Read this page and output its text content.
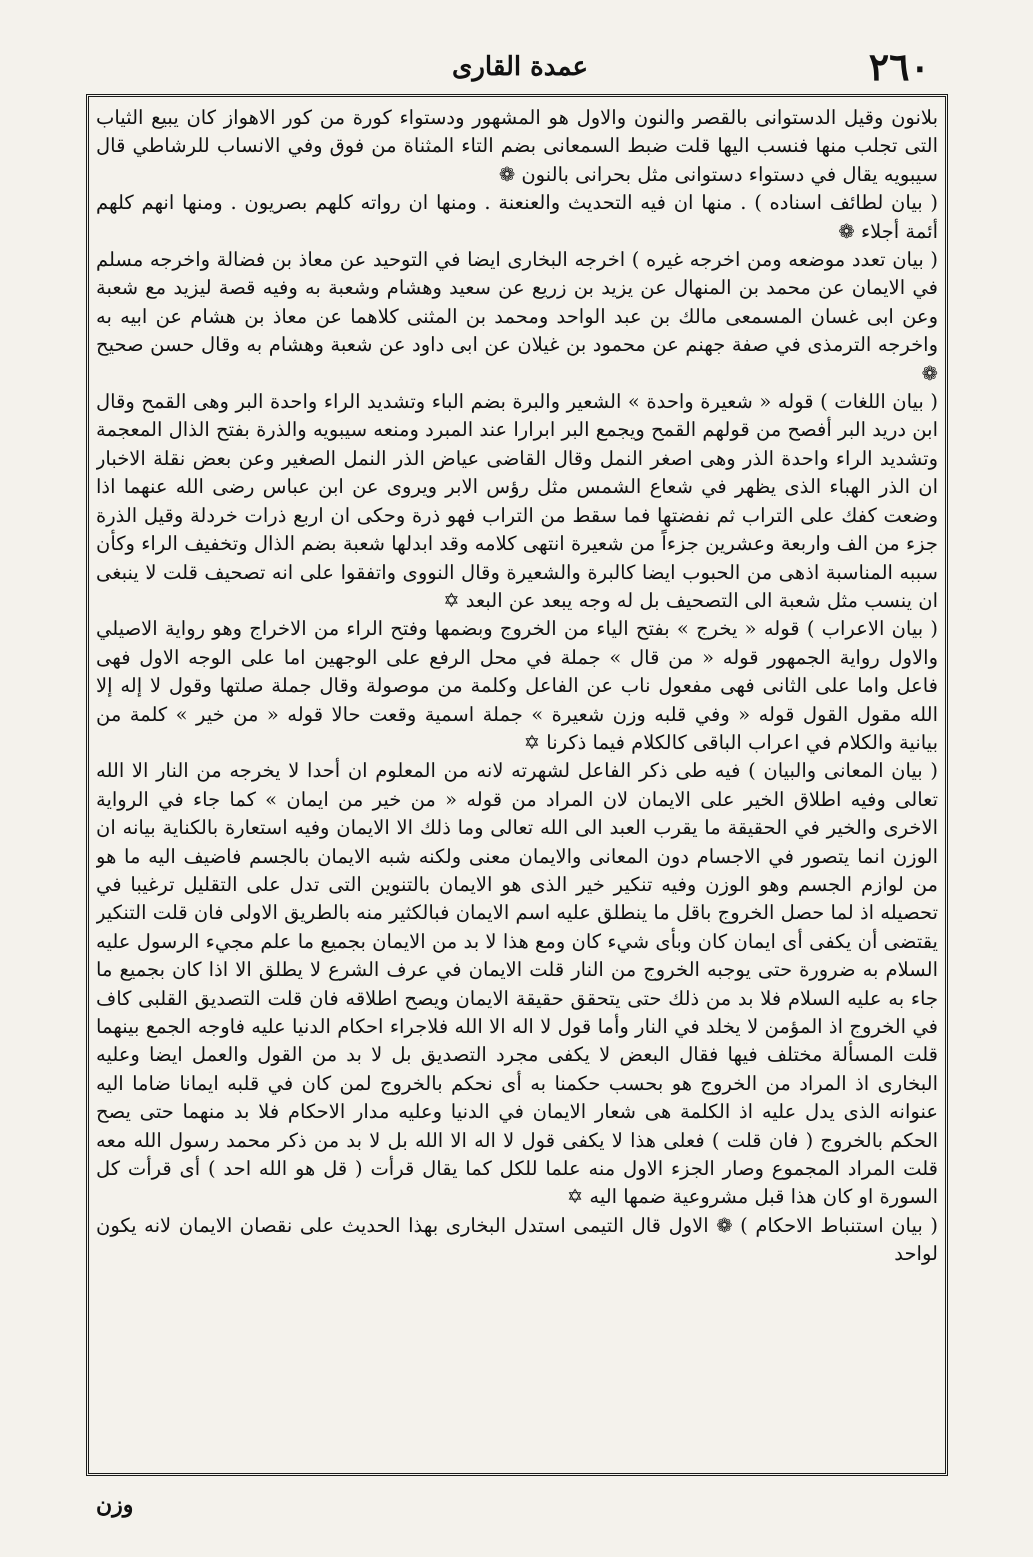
٢٦٠
عمدة القارى

بلانون وقيل الدستوانى بالقصر والنون والاول هو المشهور ودستواء كورة من كور الاهواز كان يبيع الثياب التى تجلب منها فنسب اليها قلت ضبط السمعانى بضم التاء المثناة من فوق وفي الانساب للرشاطي قال سيبويه يقال في دستواء دستوانى مثل بحرانى بالنون ❁

( بيان لطائف اسناده ) . منها ان فيه التحديث والعنعنة . ومنها ان رواته كلهم بصريون . ومنها انهم كلهم أئمة أجلاء ❁

( بيان تعدد موضعه ومن اخرجه غيره ) اخرجه البخارى ايضا في التوحيد عن معاذ بن فضالة واخرجه مسلم في الايمان عن محمد بن المنهال عن يزيد بن زريع عن سعيد وهشام وشعبة به وفيه قصة ليزيد مع شعبة وعن ابى غسان المسمعى مالك بن عبد الواحد ومحمد بن المثنى كلاهما عن معاذ بن هشام عن ابيه به واخرجه الترمذى في صفة جهنم عن محمود بن غيلان عن ابى داود عن شعبة وهشام به وقال حسن صحيح ❁

( بيان اللغات ) قوله « شعيرة واحدة » الشعير والبرة بضم الباء وتشديد الراء واحدة البر وهى القمح وقال ابن دريد البر أفصح من قولهم القمح ويجمع البر ابرارا عند المبرد ومنعه سيبويه والذرة بفتح الذال المعجمة وتشديد الراء واحدة الذر وهى اصغر النمل وقال القاضى عياض الذر النمل الصغير وعن بعض نقلة الاخبار ان الذر الهباء الذى يظهر في شعاع الشمس مثل رؤس الابر ويروى عن ابن عباس رضى الله عنهما اذا وضعت كفك على التراب ثم نفضتها فما سقط من التراب فهو ذرة وحكى ان اربع ذرات خردلة وقيل الذرة جزء من الف واربعة وعشرين جزءاً من شعيرة انتهى كلامه وقد ابدلها شعبة بضم الذال وتخفيف الراء وكأن سببه المناسبة اذهى من الحبوب ايضا كالبرة والشعيرة وقال النووى واتفقوا على انه تصحيف قلت لا ينبغى ان ينسب مثل شعبة الى التصحيف بل له وجه يبعد عن البعد ✡

( بيان الاعراب ) قوله « يخرج » بفتح الياء من الخروج وبضمها وفتح الراء من الاخراج وهو رواية الاصيلي والاول رواية الجمهور قوله « من قال » جملة في محل الرفع على الوجهين اما على الوجه الاول فهى فاعل واما على الثانى فهى مفعول ناب عن الفاعل وكلمة من موصولة وقال جملة صلتها وقول لا إله إلا الله مقول القول قوله « وفي قلبه وزن شعيرة » جملة اسمية وقعت حالا قوله « من خير » كلمة من بيانية والكلام في اعراب الباقى كالكلام فيما ذكرنا ✡

( بيان المعانى والبيان ) فيه طى ذكر الفاعل لشهرته لانه من المعلوم ان أحدا لا يخرجه من النار الا الله تعالى وفيه اطلاق الخير على الايمان لان المراد من قوله « من خير من ايمان » كما جاء في الرواية الاخرى والخير في الحقيقة ما يقرب العبد الى الله تعالى وما ذلك الا الايمان وفيه استعارة بالكناية بيانه ان الوزن انما يتصور في الاجسام دون المعانى والايمان معنى ولكنه شبه الايمان بالجسم فاضيف اليه ما هو من لوازم الجسم وهو الوزن وفيه تنكير خير الذى هو الايمان بالتنوين التى تدل على التقليل ترغيبا في تحصيله اذ لما حصل الخروج باقل ما ينطلق عليه اسم الايمان فبالكثير منه بالطريق الاولى فان قلت التنكير يقتضى أن يكفى أى ايمان كان وبأى شيء كان ومع هذا لا بد من الايمان بجميع ما علم مجيء الرسول عليه السلام به ضرورة حتى يوجبه الخروج من النار قلت الايمان في عرف الشرع لا يطلق الا اذا كان بجميع ما جاء به عليه السلام فلا بد من ذلك حتى يتحقق حقيقة الايمان ويصح اطلاقه فان قلت التصديق القلبى كاف في الخروج اذ المؤمن لا يخلد في النار وأما قول لا اله الا الله فلاجراء احكام الدنيا عليه فاوجه الجمع بينهما قلت المسألة مختلف فيها فقال البعض لا يكفى مجرد التصديق بل لا بد من القول والعمل ايضا وعليه البخارى اذ المراد من الخروج هو بحسب حكمنا به أى نحكم بالخروج لمن كان في قلبه ايمانا ضاما اليه عنوانه الذى يدل عليه اذ الكلمة هى شعار الايمان في الدنيا وعليه مدار الاحكام فلا بد منهما حتى يصح الحكم بالخروج ( فان قلت ) فعلى هذا لا يكفى قول لا اله الا الله بل لا بد من ذكر محمد رسول الله معه قلت المراد المجموع وصار الجزء الاول منه علما للكل كما يقال قرأت ( قل هو الله احد ) أى قرأت كل السورة او كان هذا قبل مشروعية ضمها اليه ✡

( بيان استنباط الاحكام ) ❁ الاول قال التيمى استدل البخارى بهذا الحديث على نقصان الايمان لانه يكون لواحد

وزن
